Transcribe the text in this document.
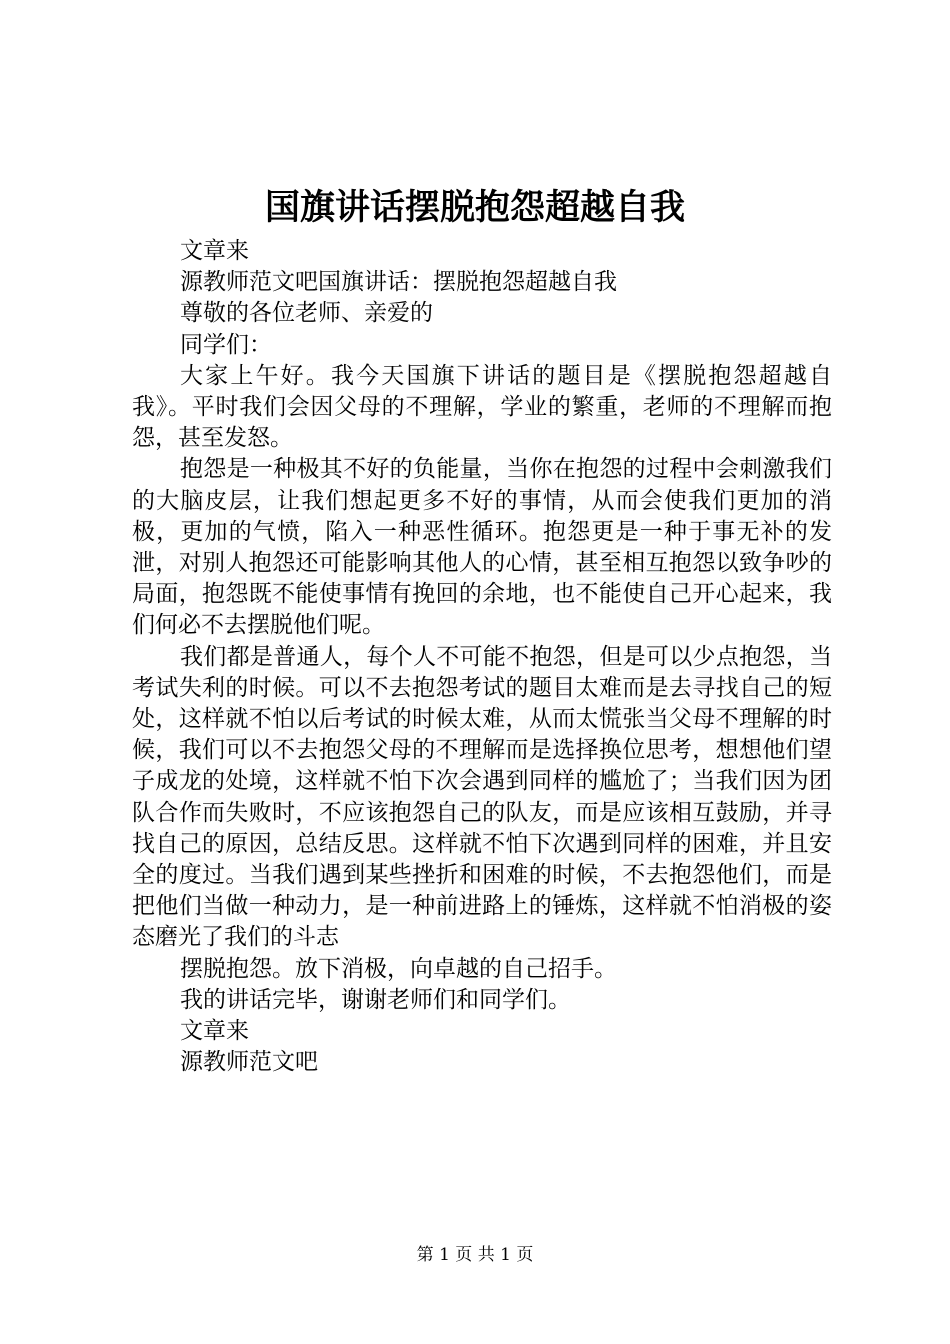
国旗讲话摆脱抱怨超越自我
文章来
源教师范文吧国旗讲话：摆脱抱怨超越自我
尊敬的各位老师、亲爱的
同学们：

大家上午好。我今天国旗下讲话的题目是《摆脱抱怨超越自我》。平时我们会因父母的不理解，学业的繁重，老师的不理解而抱怨，甚至发怒。

抱怨是一种极其不好的负能量，当你在抱怨的过程中会刺激我们的大脑皮层，让我们想起更多不好的事情，从而会使我们更加的消极，更加的气愤，陷入一种恶性循环。抱怨更是一种于事无补的发泄，对别人抱怨还可能影响其他人的心情，甚至相互抱怨以致争吵的局面，抱怨既不能使事情有挽回的余地，也不能使自己开心起来，我们何必不去摆脱他们呢。

我们都是普通人，每个人不可能不抱怨，但是可以少点抱怨，当考试失利的时候。可以不去抱怨考试的题目太难而是去寻找自己的短处，这样就不怕以后考试的时候太难，从而太慌张当父母不理解的时候，我们可以不去抱怨父母的不理解而是选择换位思考，想想他们望子成龙的处境，这样就不怕下次会遇到同样的尴尬了；当我们因为团队合作而失败时，不应该抱怨自己的队友，而是应该相互鼓励，并寻找自己的原因，总结反思。这样就不怕下次遇到同样的困难，并且安全的度过。当我们遇到某些挫折和困难的时候，不去抱怨他们，而是把他们当做一种动力，是一种前进路上的锤炼，这样就不怕消极的姿态磨光了我们的斗志

摆脱抱怨。放下消极，向卓越的自己招手。
我的讲话完毕，谢谢老师们和同学们。
文章来
源教师范文吧
第 1 页 共 1 页
